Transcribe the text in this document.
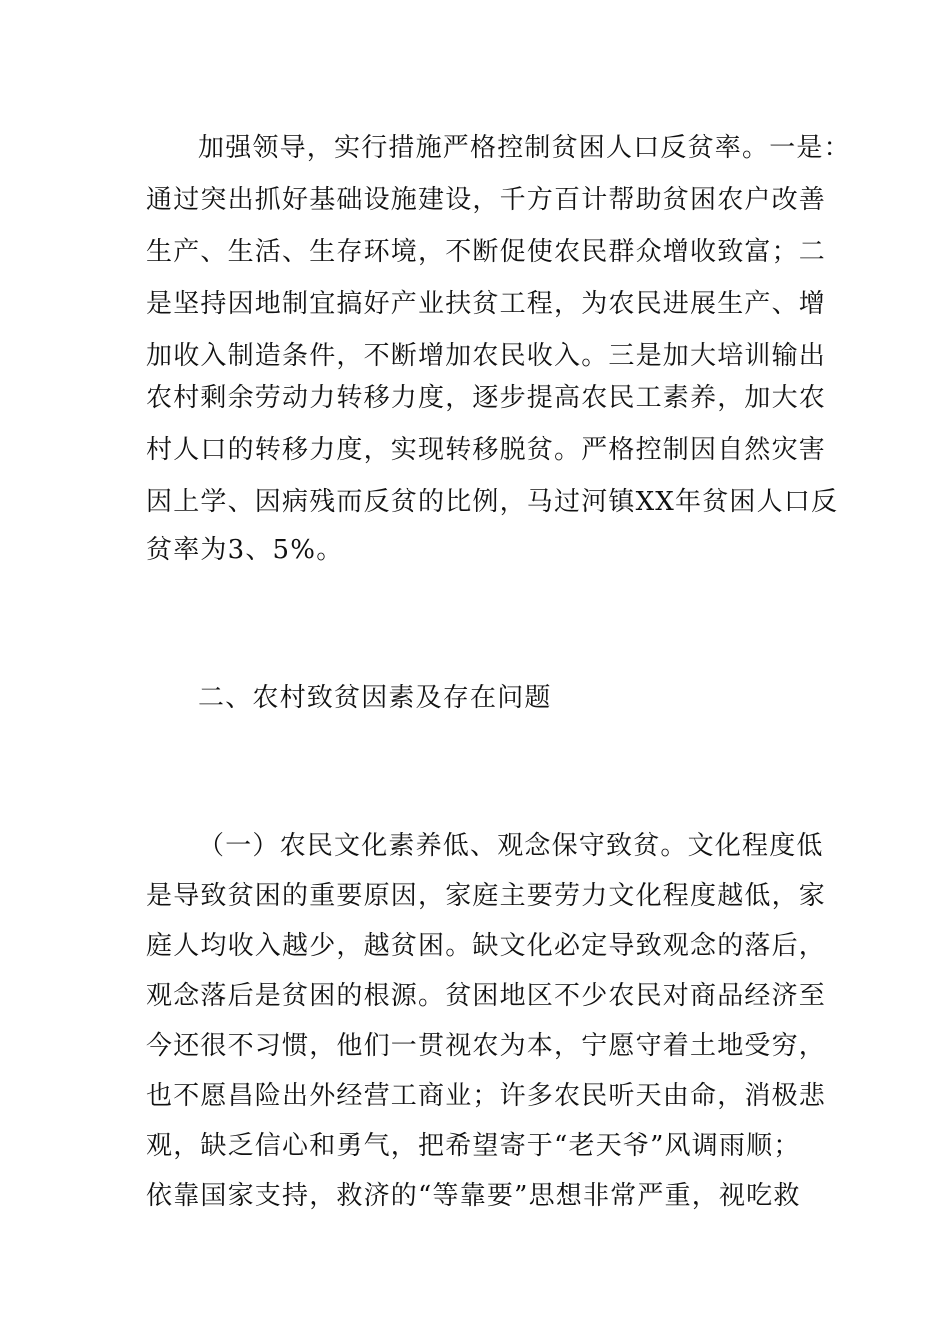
加强领导，实行措施严格控制贫困人口反贫率。一是：
通过突出抓好基础设施建设，千方百计帮助贫困农户改善
生产、生活、生存环境，不断促使农民群众增收致富；二
是坚持因地制宜搞好产业扶贫工程，为农民进展生产、增
加收入制造条件，不断增加农民收入。三是加大培训输出
农村剩余劳动力转移力度，逐步提高农民工素养，加大农
村人口的转移力度，实现转移脱贫。严格控制因自然灾害
因上学、因病残而反贫的比例，马过河镇XX年贫困人口反
贫率为3、5%。
二、农村致贫因素及存在问题
（一）农民文化素养低、观念保守致贫。文化程度低
是导致贫困的重要原因，家庭主要劳力文化程度越低，家
庭人均收入越少，越贫困。缺文化必定导致观念的落后，
观念落后是贫困的根源。贫困地区不少农民对商品经济至
今还很不习惯，他们一贯视农为本，宁愿守着土地受穷，
也不愿昌险出外经营工商业；许多农民听天由命，消极悲
观，缺乏信心和勇气，把希望寄于“老天爷”风调雨顺；
依靠国家支持，救济的“等靠要”思想非常严重，视吃救
